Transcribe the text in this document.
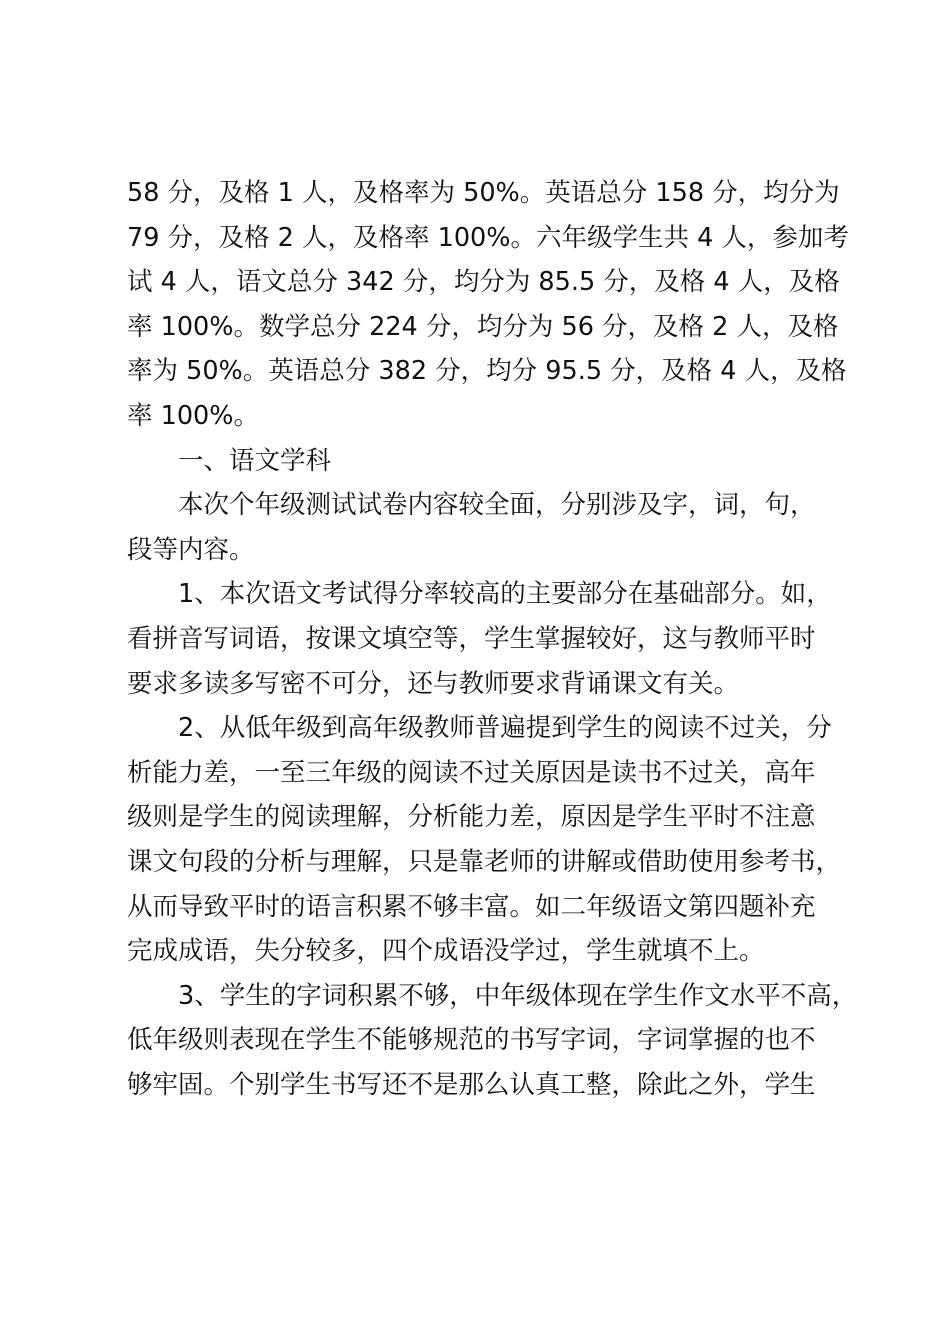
58 分，及格 1 人，及格率为 50%。英语总分 158 分，均分为
79 分，及格 2 人，及格率 100%。六年级学生共 4 人，参加考
试 4 人，语文总分 342 分，均分为 85.5 分，及格 4 人，及格
率 100%。数学总分 224 分，均分为 56 分，及格 2 人，及格
率为 50%。英语总分 382 分，均分 95.5 分，及格 4 人，及格
率 100%。
一、语文学科
本次个年级测试试卷内容较全面，分别涉及字，词，句，
段等内容。
1、本次语文考试得分率较高的主要部分在基础部分。如，
看拼音写词语，按课文填空等，学生掌握较好，这与教师平时
要求多读多写密不可分，还与教师要求背诵课文有关。
2、从低年级到高年级教师普遍提到学生的阅读不过关，分
析能力差，一至三年级的阅读不过关原因是读书不过关，高年
级则是学生的阅读理解，分析能力差，原因是学生平时不注意
课文句段的分析与理解，只是靠老师的讲解或借助使用参考书，
从而导致平时的语言积累不够丰富。如二年级语文第四题补充
完成成语，失分较多，四个成语没学过，学生就填不上。
3、学生的字词积累不够，中年级体现在学生作文水平不高，
低年级则表现在学生不能够规范的书写字词，字词掌握的也不
够牢固。个别学生书写还不是那么认真工整，除此之外，学生
